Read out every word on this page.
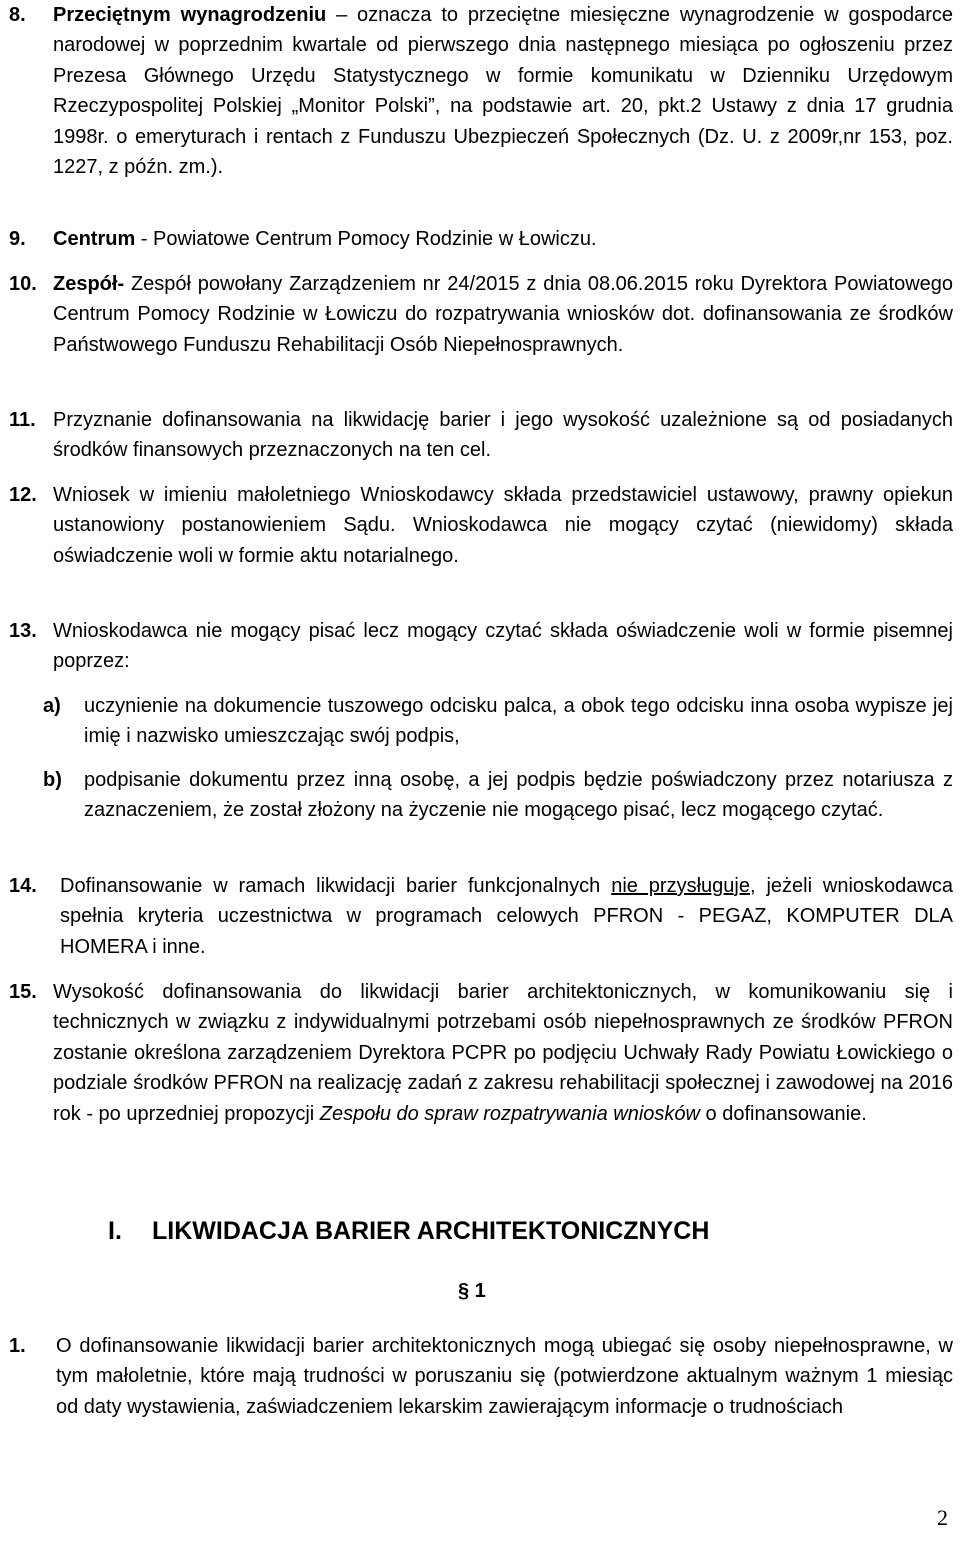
8. Przeciętnym wynagrodzeniu – oznacza to przeciętne miesięczne wynagrodzenie w gospodarce narodowej w poprzednim kwartale od pierwszego dnia następnego miesiąca po ogłoszeniu przez Prezesa Głównego Urzędu Statystycznego w formie komunikatu w Dzienniku Urzędowym Rzeczypospolitej Polskiej „Monitor Polski”, na podstawie art. 20, pkt.2 Ustawy z dnia 17 grudnia 1998r. o emeryturach i rentach z Funduszu Ubezpieczeń Społecznych (Dz. U. z 2009r,nr 153, poz. 1227, z późn. zm.).
9. Centrum - Powiatowe Centrum Pomocy Rodzinie w Łowiczu.
10. Zespół- Zespół powołany Zarządzeniem nr 24/2015 z dnia 08.06.2015 roku Dyrektora Powiatowego Centrum Pomocy Rodzinie w Łowiczu do rozpatrywania wniosków dot. dofinansowania ze środków Państwowego Funduszu Rehabilitacji Osób Niepełnosprawnych.
11. Przyznanie dofinansowania na likwidację barier i jego wysokość uzależnione są od posiadanych środków finansowych przeznaczonych na ten cel.
12. Wniosek w imieniu małoletniego Wnioskodawcy składa przedstawiciel ustawowy, prawny opiekun ustanowiony postanowieniem Sądu. Wnioskodawca nie mogący czytać (niewidomy) składa oświadczenie woli w formie aktu notarialnego.
13. Wnioskodawca nie mogący pisać lecz mogący czytać składa oświadczenie woli w formie pisemnej poprzez:
a) uczynienie na dokumencie tuszowego odcisku palca, a obok tego odcisku inna osoba wypisze jej imię i nazwisko umieszczając swój podpis,
b) podpisanie dokumentu przez inną osobę, a jej podpis będzie poświadczony przez notariusza z zaznaczeniem, że został złożony na życzenie nie mogącego pisać, lecz mogącego czytać.
14. Dofinansowanie w ramach likwidacji barier funkcjonalnych nie przysługuje, jeżeli wnioskodawca spełnia kryteria uczestnictwa w programach celowych PFRON - PEGAZ, KOMPUTER DLA HOMERA i inne.
15. Wysokość dofinansowania do likwidacji barier architektonicznych, w komunikowaniu się i technicznych w związku z indywidualnymi potrzebami osób niepełnosprawnych ze środków PFRON zostanie określona zarządzeniem Dyrektora PCPR po podjęciu Uchwały Rady Powiatu Łowickiego o podziale środków PFRON na realizację zadań z zakresu rehabilitacji społecznej i zawodowej na 2016 rok - po uprzedniej propozycji Zespołu do spraw rozpatrywania wniosków o dofinansowanie.
I. LIKWIDACJA BARIER ARCHITEKTONICZNYCH
§ 1
1. O dofinansowanie likwidacji barier architektonicznych mogą ubiegać się osoby niepełnosprawne, w tym małoletnie, które mają trudności w poruszaniu się (potwierdzone aktualnym ważnym 1 miesiąc od daty wystawienia, zaświadczeniem lekarskim zawierającym informacje o trudnościach
2
